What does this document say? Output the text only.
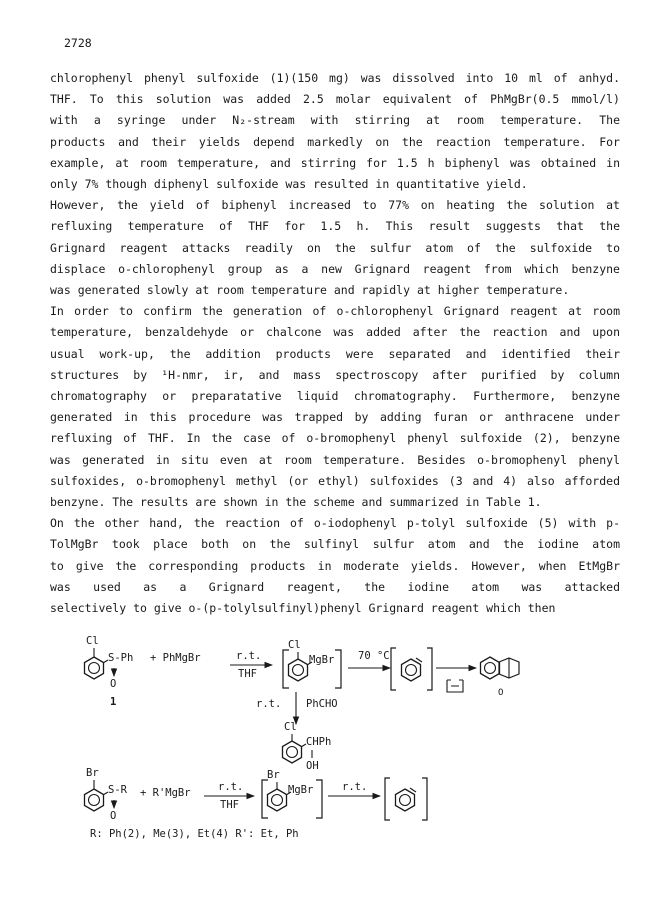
2728
chlorophenyl phenyl sulfoxide (1)(150 mg) was dissolved into 10 ml of anhyd.
THF. To this solution was added 2.5 molar equivalent of PhMgBr(0.5 mmol/l)
with a syringe under N₂-stream with stirring at room temperature. The
products and their yields depend markedly on the reaction temperature. For
example, at room temperature, and stirring for 1.5 h biphenyl was obtained in
only 7% though diphenyl sulfoxide was resulted in quantitative yield.
However, the yield of biphenyl increased to 77% on heating the solution at
refluxing temperature of THF for 1.5 h. This result suggests that the
Grignard reagent attacks readily on the sulfur atom of the sulfoxide to
displace o-chlorophenyl group as a new Grignard reagent from which benzyne
was generated slowly at room temperature and rapidly at higher temperature.
In order to confirm the generation of o-chlorophenyl Grignard reagent at room
temperature, benzaldehyde or chalcone was added after the reaction and upon
usual work-up, the addition products were separated and identified their
structures by ¹H-nmr, ir, and mass spectroscopy after purified by column
chromatography or preparatative liquid chromatography. Furthermore, benzyne
generated in this procedure was trapped by adding furan or anthracene under
refluxing of THF. In the case of o-bromophenyl phenyl sulfoxide (2), benzyne
was generated in situ even at room temperature. Besides o-bromophenyl phenyl
sulfoxides, o-bromophenyl methyl (or ethyl) sulfoxides (3 and 4) also afforded
benzyne. The results are shown in the scheme and summarized in Table 1.
On the other hand, the reaction of o-iodophenyl p-tolyl sulfoxide (5) with p-
TolMgBr took place both on the sulfinyl sulfur atom and the iodine atom
to give the corresponding products in moderate yields. However, when EtMgBr
was used as a Grignard reagent, the iodine atom was attacked
selectively to give o-(p-tolylsulfinyl)phenyl Grignard reagent which then
Cl
S-Ph
O
+ PhMgBr	r.t.
THF
Cl
MgBr 70 °C
O
1	r.t. PhCHO
Cl
CHPh
OH
Br
S-R
O
+ R'MgBr	r.t.
THF
Br
MgBr	r.t.
R: Ph(2), Me(3), Et(4) R': Et, Ph
